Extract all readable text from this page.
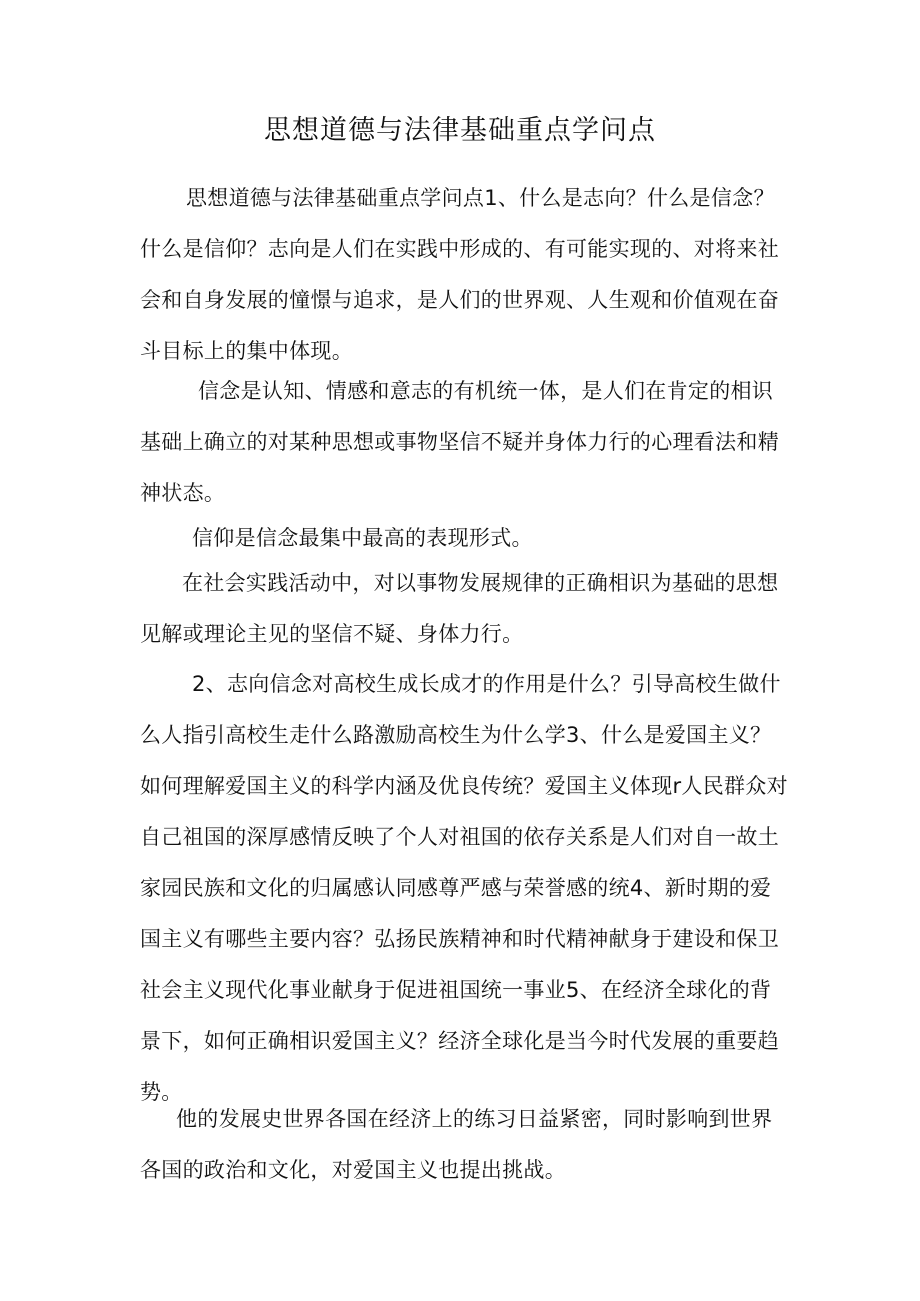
思想道德与法律基础重点学问点

思想道德与法律基础重点学问点1、什么是志向？什么是信念？什么是信仰？志向是人们在实践中形成的、有可能实现的、对将来社会和自身发展的憧憬与追求，是人们的世界观、人生观和价值观在奋斗目标上的集中体现。

信念是认知、情感和意志的有机统一体，是人们在肯定的相识基础上确立的对某种思想或事物坚信不疑并身体力行的心理看法和精神状态。

信仰是信念最集中最高的表现形式。

在社会实践活动中，对以事物发展规律的正确相识为基础的思想见解或理论主见的坚信不疑、身体力行。

2、志向信念对高校生成长成才的作用是什么？引导高校生做什么人指引高校生走什么路激励高校生为什么学3、什么是爱国主义？如何理解爱国主义的科学内涵及优良传统？爱国主义体现r人民群众对自己祖国的深厚感情反映了个人对祖国的依存关系是人们对自一故土家园民族和文化的归属感认同感尊严感与荣誉感的统4、新时期的爱国主义有哪些主要内容？弘扬民族精神和时代精神献身于建设和保卫社会主义现代化事业献身于促进祖国统一事业5、在经济全球化的背景下，如何正确相识爱国主义？经济全球化是当今时代发展的重要趋势。

他的发展史世界各国在经济上的练习日益紧密，同时影响到世界各国的政治和文化，对爱国主义也提出挑战。
